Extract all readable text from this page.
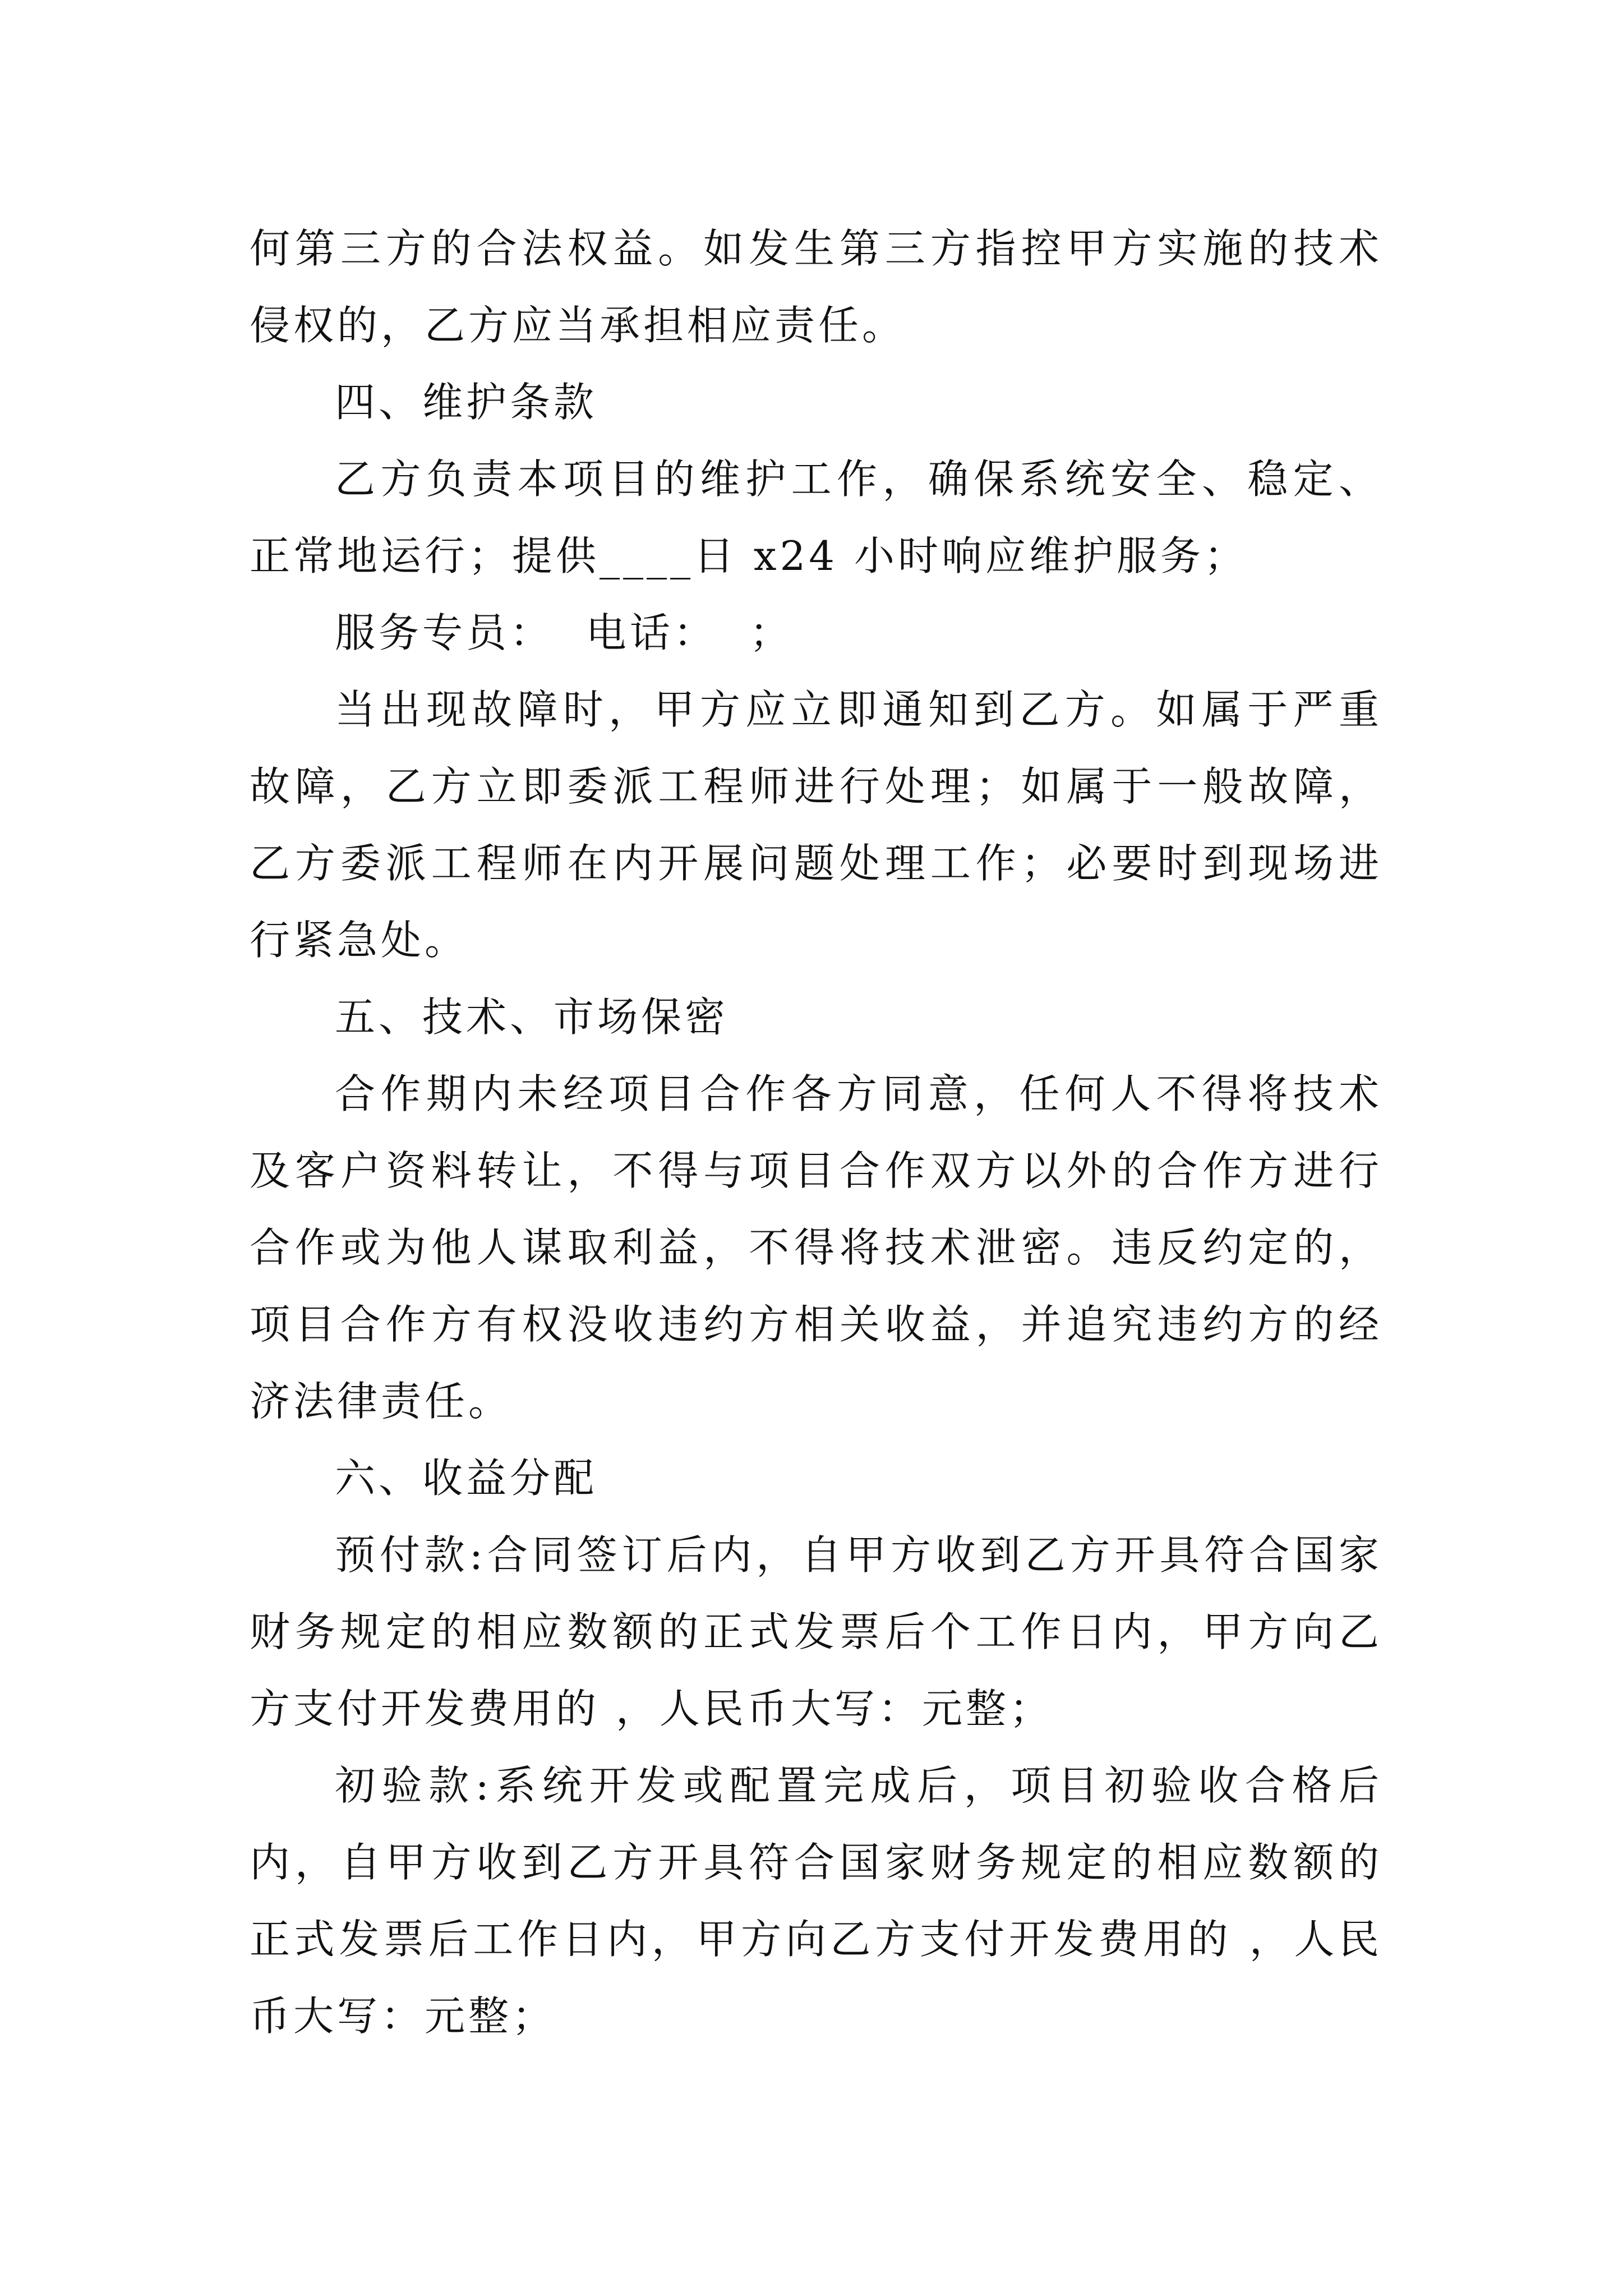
何第三方的合法权益。如发生第三方指控甲方实施的技术侵权的，乙方应当承担相应责任。

四、维护条款

乙方负责本项目的维护工作，确保系统安全、稳定、正常地运行；提供____日 x24 小时响应维护服务；

服务专员：  电话：  ；

当出现故障时，甲方应立即通知到乙方。如属于严重故障，乙方立即委派工程师进行处理；如属于一般故障，乙方委派工程师在内开展问题处理工作；必要时到现场进行紧急处。

五、技术、市场保密

合作期内未经项目合作各方同意，任何人不得将技术及客户资料转让，不得与项目合作双方以外的合作方进行合作或为他人谋取利益，不得将技术泄密。违反约定的，项目合作方有权没收违约方相关收益，并追究违约方的经济法律责任。

六、收益分配

预付款:合同签订后内，自甲方收到乙方开具符合国家财务规定的相应数额的正式发票后个工作日内，甲方向乙方支付开发费用的 ，人民币大写：元整；

初验款:系统开发或配置完成后，项目初验收合格后内，自甲方收到乙方开具符合国家财务规定的相应数额的正式发票后工作日内，甲方向乙方支付开发费用的 ，人民币大写：元整；
